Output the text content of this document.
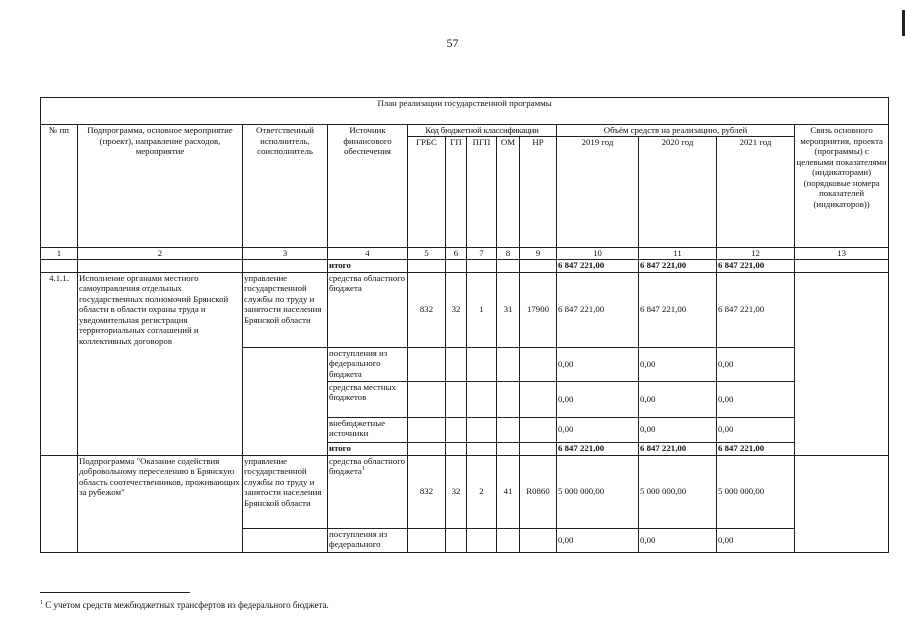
57
План реализации государственной программы												
№ пп	Подпрограмма, основное мероприятие (проект), направление расходов, мероприятие	Ответственный исполнитель, соисполнитель	Источник финансового обеспечения	Код бюджетной классификации					Объём средств на реализацию, рублей			Связь основного мероприятия, проекта (программы) с целевыми показателями (индикаторами) (порядковые номера показателей (индикаторов))
				ГРБС	ГП	ПГП	ОМ	НР	2019 год	2020 год	2021 год	
1	2	3	4	5	6	7	8	9	10	11	12	13
			итого						6 847 221,00	6 847 221,00	6 847 221,00	
4.1.1.	Исполнение органами местного самоуправления отдельных государственных полномочий Брянской области в области охраны труда и уведомительная регистрация территориальных соглашений и коллективных договоров	управление государственной службы по труду и занятости населения Брянской области	средства областного бюджета	832	32	1	31	17900	6 847 221,00	6 847 221,00	6 847 221,00	
			поступления из федерального бюджета						0,00	0,00	0,00	
			средства местных бюджетов						0,00	0,00	0,00	
			внебюджетные источники						0,00	0,00	0,00	
			итого						6 847 221,00	6 847 221,00	6 847 221,00	
	Подпрограмма "Оказание содействия добровольному переселению в Брянскую область соотечественников, проживающих за рубежом"	управление государственной службы по труду и занятости населения Брянской области	средства областного бюджета$^1$	832	32	2	41	R0860	5 000 000,00	5 000 000,00	5 000 000,00	
			поступления из федерального						0,00	0,00	0,00	
$^1$ С учетом средств межбюджетных трансфертов из федерального бюджета.
